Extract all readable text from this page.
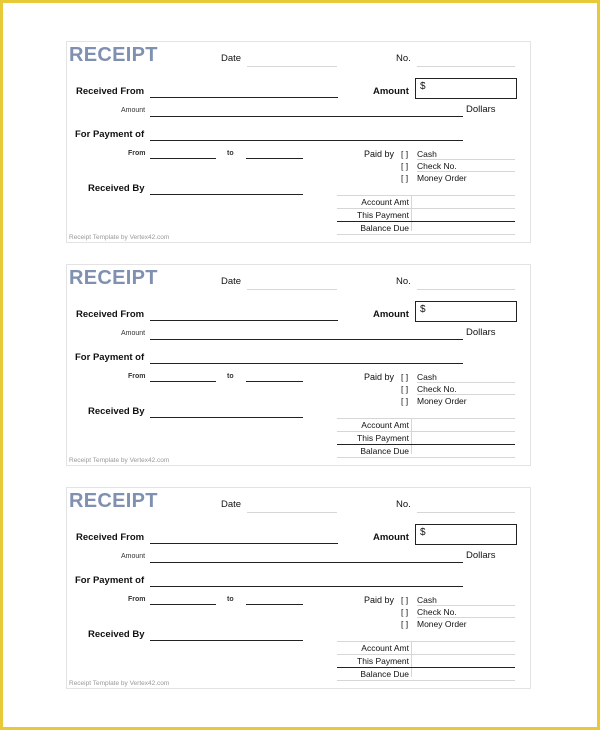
RECEIPT	Date	No.
Received From	Amount $
Amount	Dollars
For Payment of
From	to	Paid by [ ] Cash
[ ] Check No.
[ ] Money Order
Received By
Account Amt
This Payment
Balance Due
Receipt Template by Vertex42.com
RECEIPT	Date	No.
Received From	Amount $
Amount	Dollars
For Payment of
From	to	Paid by [ ] Cash
[ ] Check No.
[ ] Money Order
Received By
Account Amt
This Payment
Balance Due
Receipt Template by Vertex42.com
RECEIPT	Date	No.
Received From	Amount $
Amount	Dollars
For Payment of
From	to	Paid by [ ] Cash
[ ] Check No.
[ ] Money Order
Received By
Account Amt
This Payment
Balance Due
Receipt Template by Vertex42.com
